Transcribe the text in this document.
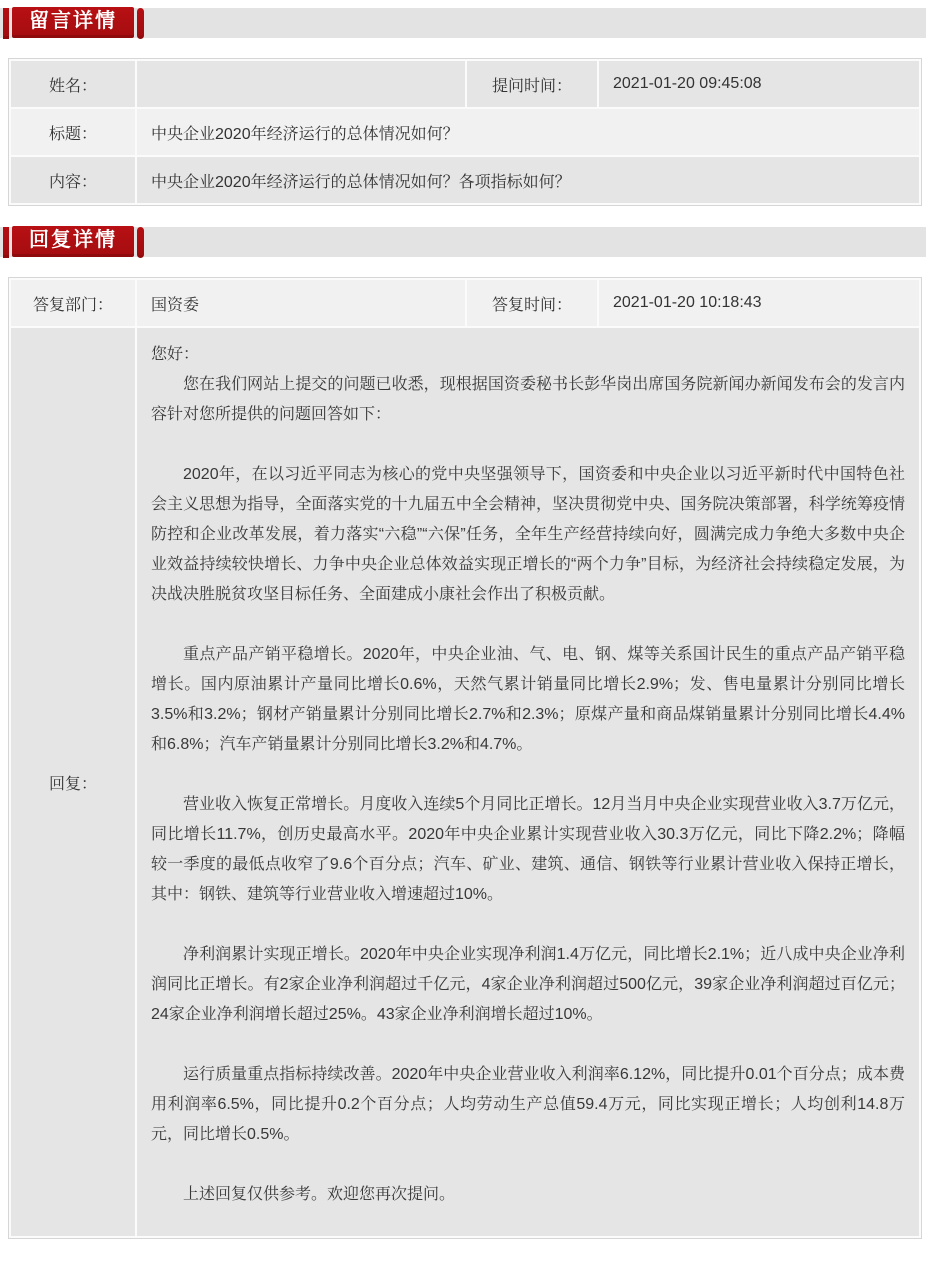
留言详情
姓名：		提问时间：	2021-01-20 09:45:08
标题：	中央企业2020年经济运行的总体情况如何？		
内容：	中央企业2020年经济运行的总体情况如何？各项指标如何？		
回复详情
答复部门：	国资委	答复时间：	2021-01-20 10:18:43
回复：	

您好：

您在我们网站上提交的问题已收悉，现根据国资委秘书长彭华岗出席国务院新闻办新闻发布会的发言内容针对您所提供的问题回答如下：

2020年，在以习近平同志为核心的党中央坚强领导下，国资委和中央企业以习近平新时代中国特色社会主义思想为指导，全面落实党的十九届五中全会精神，坚决贯彻党中央、国务院决策部署，科学统筹疫情防控和企业改革发展，着力落实“六稳”“六保”任务，全年生产经营持续向好，圆满完成力争绝大多数中央企业效益持续较快增长、力争中央企业总体效益实现正增长的“两个力争”目标，为经济社会持续稳定发展，为决战决胜脱贫攻坚目标任务、全面建成小康社会作出了积极贡献。

重点产品产销平稳增长。2020年，中央企业油、气、电、钢、煤等关系国计民生的重点产品产销平稳增长。国内原油累计产量同比增长0.6%，天然气累计销量同比增长2.9%；发、售电量累计分别同比增长3.5%和3.2%；钢材产销量累计分别同比增长2.7%和2.3%；原煤产量和商品煤销量累计分别同比增长4.4%和6.8%；汽车产销量累计分别同比增长3.2%和4.7%。

营业收入恢复正常增长。月度收入连续5个月同比正增长。12月当月中央企业实现营业收入3.7万亿元，同比增长11.7%，创历史最高水平。2020年中央企业累计实现营业收入30.3万亿元，同比下降2.2%；降幅较一季度的最低点收窄了9.6个百分点；汽车、矿业、建筑、通信、钢铁等行业累计营业收入保持正增长，其中：钢铁、建筑等行业营业收入增速超过10%。

净利润累计实现正增长。2020年中央企业实现净利润1.4万亿元，同比增长2.1%；近八成中央企业净利润同比正增长。有2家企业净利润超过千亿元，4家企业净利润超过500亿元，39家企业净利润超过百亿元；24家企业净利润增长超过25%。43家企业净利润增长超过10%。

运行质量重点指标持续改善。2020年中央企业营业收入利润率6.12%，同比提升0.01个百分点；成本费用利润率6.5%，同比提升0.2个百分点；人均劳动生产总值59.4万元，同比实现正增长；人均创利14.8万元，同比增长0.5%。

上述回复仅供参考。欢迎您再次提问。
